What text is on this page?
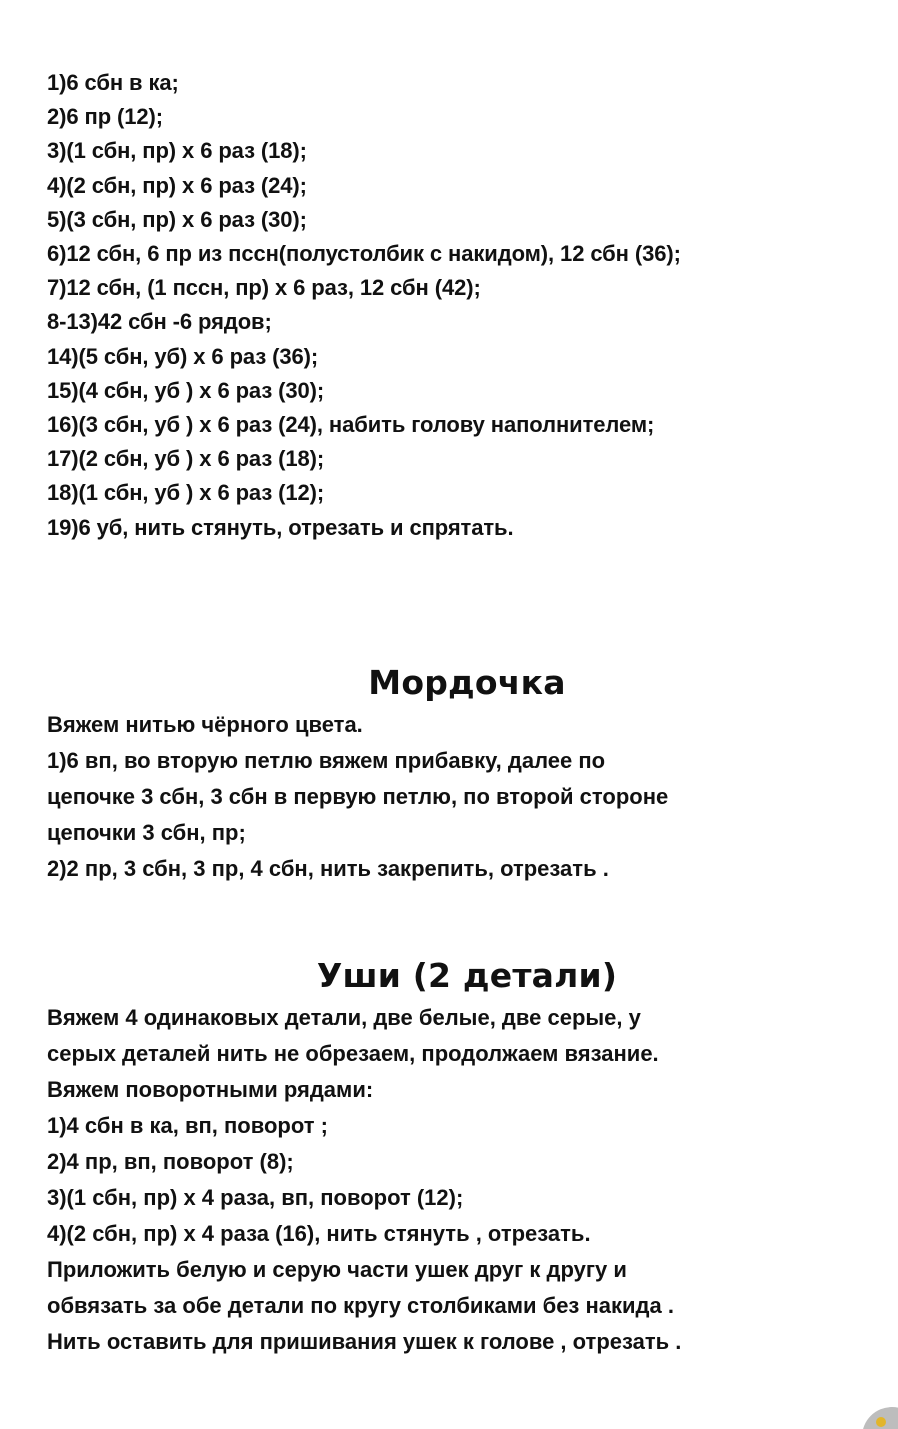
1)6 сбн в ка;
2)6 пр (12);
3)(1 сбн, пр) х 6 раз (18);
4)(2 сбн, пр) х 6 раз (24);
5)(3 сбн, пр) х 6 раз (30);
6)12 сбн, 6 пр из пссн(полустолбик с накидом), 12 сбн (36);
7)12 сбн, (1 пссн, пр) х 6 раз, 12 сбн (42);
8-13)42 сбн -6 рядов;
14)(5 сбн, уб) х 6 раз (36);
15)(4 сбн, уб ) х 6 раз (30);
16)(3 сбн, уб ) х 6 раз (24), набить голову наполнителем;
17)(2 сбн, уб ) х 6 раз (18);
18)(1 сбн, уб ) х 6 раз (12);
19)6 уб, нить стянуть, отрезать и спрятать.
Мордочка
Вяжем нитью чёрного цвета.
1)6 вп, во вторую петлю вяжем прибавку, далее по
цепочке 3 сбн, 3 сбн в первую петлю, по второй стороне
цепочки 3 сбн, пр;
2)2 пр, 3 сбн, 3 пр, 4 сбн, нить закрепить, отрезать .
Уши (2 детали)
Вяжем 4 одинаковых детали, две белые, две серые, у
серых деталей нить не обрезаем, продолжаем вязание.
Вяжем поворотными рядами:
1)4 сбн в ка, вп, поворот ;
2)4 пр, вп, поворот (8);
3)(1 сбн, пр) х 4 раза, вп, поворот (12);
4)(2 сбн, пр) х 4 раза (16), нить стянуть , отрезать.
Приложить белую и серую части ушек друг к другу и
обвязать за обе детали по кругу столбиками без накида .
Нить оставить для пришивания ушек к голове , отрезать .
